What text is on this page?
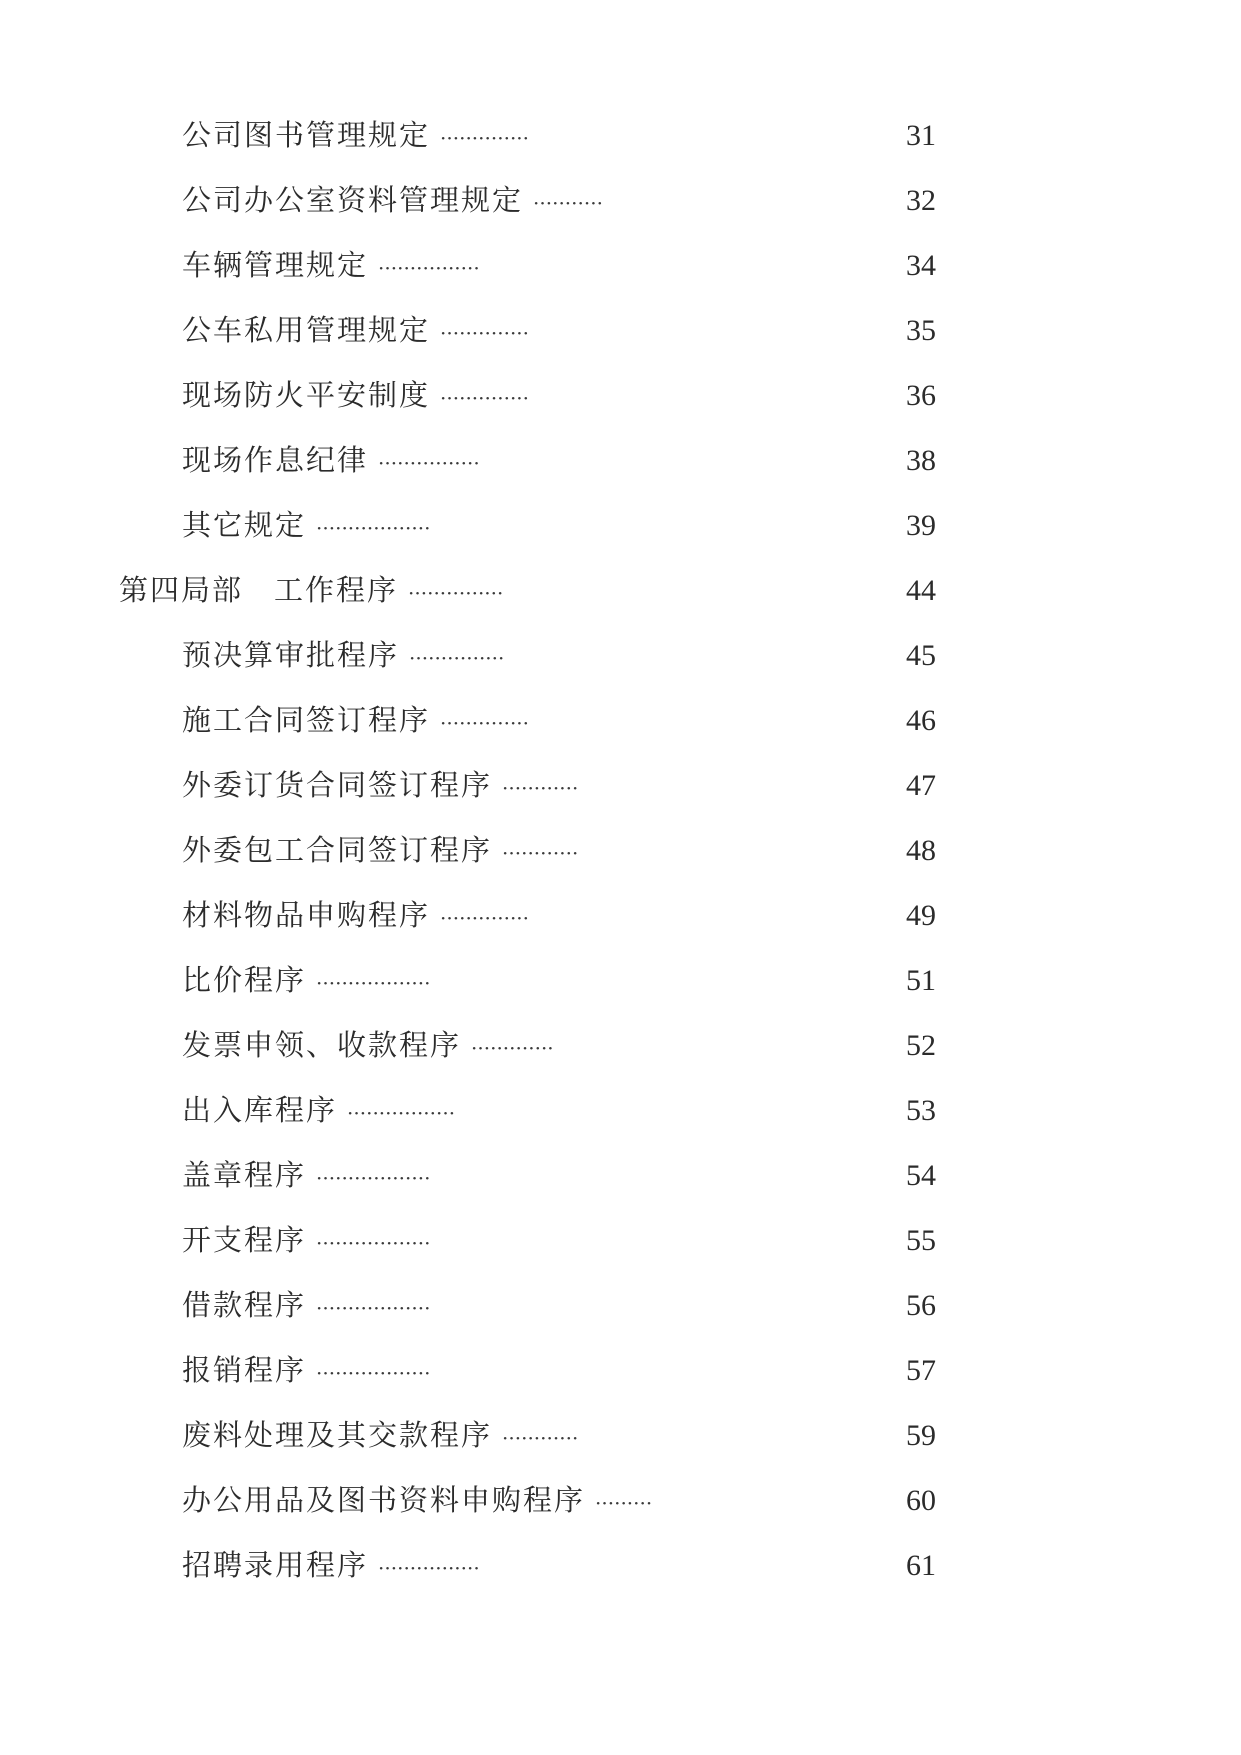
公司图书管理规定 ··············	31
公司办公室资料管理规定 ···········	32
车辆管理规定 ················	34
公车私用管理规定 ··············	35
现场防火平安制度 ··············	36
现场作息纪律 ················	38
其它规定 ··················	39
第四局部　工作程序 ···············	44
预决算审批程序 ···············	45
施工合同签订程序 ··············	46
外委订货合同签订程序 ············	47
外委包工合同签订程序 ············	48
材料物品申购程序 ··············	49
比价程序 ··················	51
发票申领、收款程序 ·············	52
出入库程序 ·················	53
盖章程序 ··················	54
开支程序 ··················	55
借款程序 ··················	56
报销程序 ··················	57
废料处理及其交款程序 ············	59
办公用品及图书资料申购程序 ·········	60
招聘录用程序 ················	61
